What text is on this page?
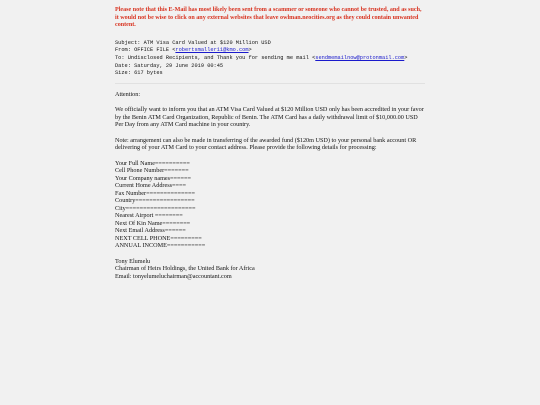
Please note that this E-Mail has most likely been sent from a scammer or someone who cannot be trusted, and as such, it would not be wise to click on any external websites that leave owlman.neocities.org as they could contain unwanted content.

Subject: ATM Visa Card Valued at $120 Million USD
From: OFFICE FILE <robertsmaller11@kmo.com>
To: Undisclosed Recipients, and Thank you for sending me mail <sendmemailnow@protonmail.com>
Date: Saturday, 29 June 2019 00:45
Size: 617 bytes

Attention:

We officially want to inform you that an ATM Visa Card Valued at $120 Million USD only has been accredited in your favor by the Benin ATM Card Organization, Republic of Benin. The ATM Card has a daily withdrawal limit of $10,000.00 USD Per Day from any ATM Card machine in your country.

Note: arrangement can also be made in transferring of the awarded fund ($120m USD) to your personal bank account OR delivering of your ATM Card to your contact address. Please provide the following details for processing:

Your Full Name==========
Cell Phone Number=======
Your Company names======
Current Home Address====
Fax Number==============
Country=================
City====================
Nearest Airport ========
Next Of Kin Name========
Next Email Address======
NEXT CELL PHONE=========
ANNUAL INCOME===========

Tony Elumelu
Chairman of Heirs Holdings, the United Bank for Africa
Email: tonyelumeluchairman@accountant.com
